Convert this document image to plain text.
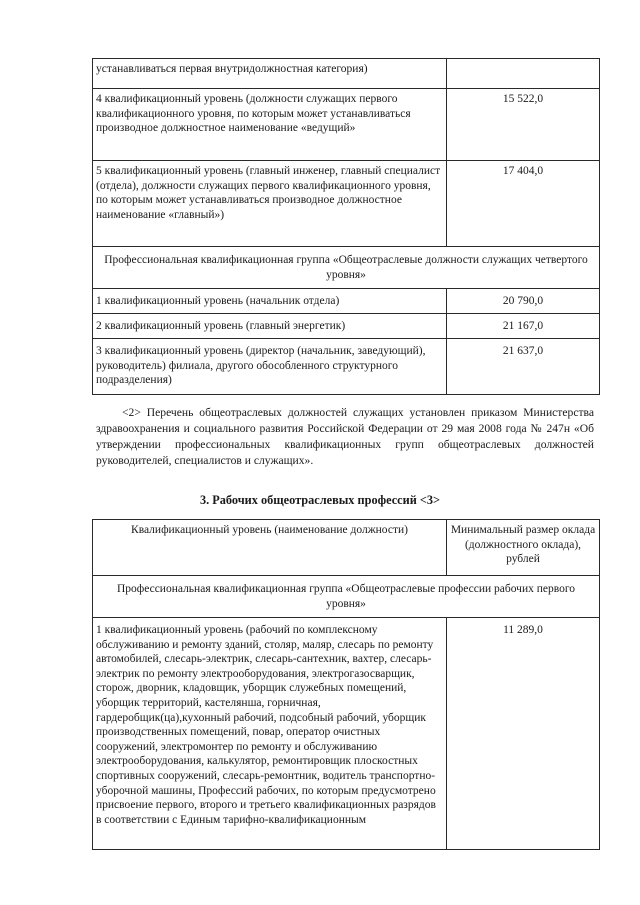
устанавливаться первая внутридолжностная категория)	
4 квалификационный уровень (должности служащих первого квалификационного уровня, по которым может устанавливаться производное должностное наименование «ведущий»	15 522,0
5 квалификационный уровень (главный инженер, главный специалист (отдела), должности служащих первого квалификационного уровня, по которым может устанавливаться производное должностное наименование «главный»)	17 404,0
Профессиональная квалификационная группа «Общеотраслевые должности служащих четвертого уровня»	
1 квалификационный уровень (начальник отдела)	20 790,0
2 квалификационный уровень (главный энергетик)	21 167,0
3 квалификационный уровень (директор (начальник, заведующий), руководитель) филиала, другого обособленного структурного подразделения)	21 637,0
<2> Перечень общеотраслевых должностей служащих установлен приказом Министерства здравоохранения и социального развития Российской Федерации от 29 мая 2008 года № 247н «Об утверждении профессиональных квалификационных групп общеотраслевых должностей руководителей, специалистов и служащих».
3. Рабочих общеотраслевых профессий <3>
Квалификационный уровень (наименование должности)	Минимальный размер оклада (должностного оклада), рублей
Профессиональная квалификационная группа «Общеотраслевые профессии рабочих первого уровня»	
1 квалификационный уровень (рабочий по комплексному обслуживанию и ремонту зданий, столяр, маляр, слесарь по ремонту автомобилей, слесарь-электрик, слесарь-сантехник, вахтер, слесарь-электрик по ремонту электрооборудования, электрогазосварщик, сторож, дворник, кладовщик, уборщик служебных помещений, уборщик территорий, кастелянша, горничная, гардеробщик(ца),кухонный рабочий, подсобный рабочий, уборщик производственных помещений, повар, оператор очистных сооружений, электромонтер по ремонту и обслуживанию электрооборудования, калькулятор, ремонтировщик плоскостных спортивных сооружений, слесарь-ремонтник, водитель транспортно-уборочной машины, Профессий рабочих, по которым предусмотрено присвоение первого, второго и третьего квалификационных разрядов в соответствии с Единым тарифно-квалификационным	11 289,0
